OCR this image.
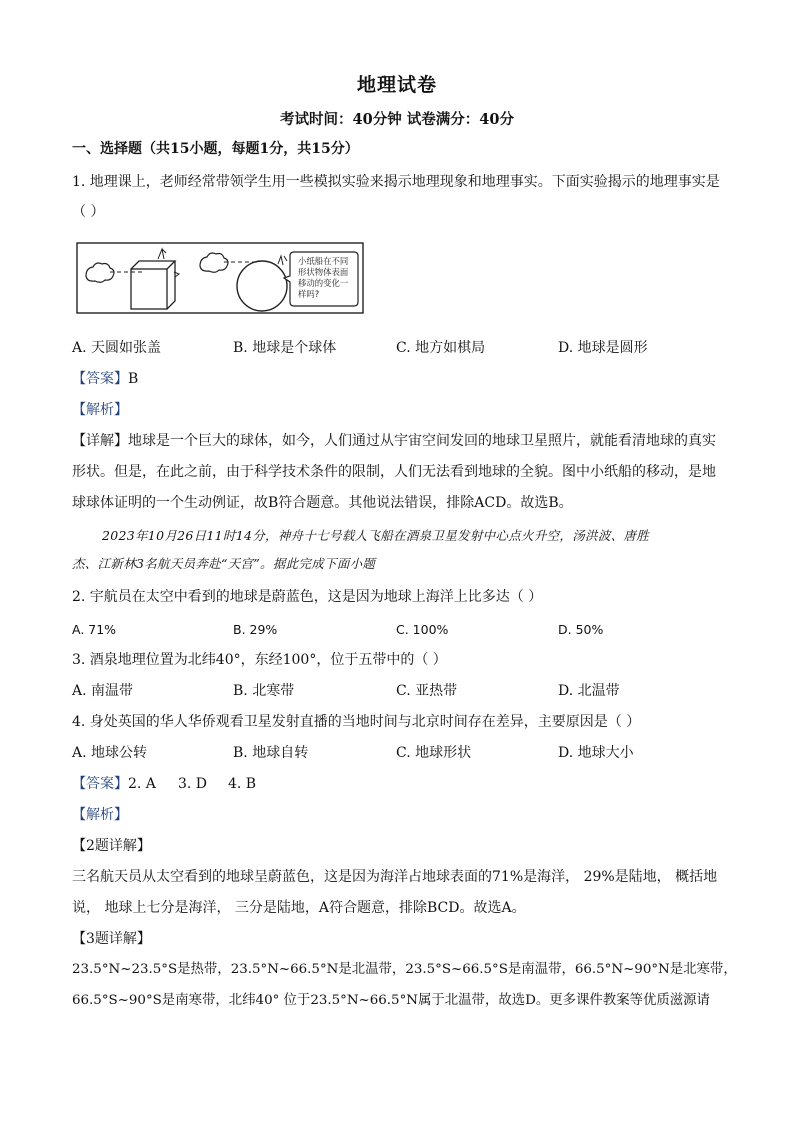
地理试卷
考试时间：40分钟 试卷满分：40分
一、选择题（共15小题，每题1分，共15分）
1. 地理课上，老师经常带领学生用一些模拟实验来揭示地理现象和地理事实。下面实验揭示的地理事实是
（ ）
小纸船在不同
形状物体表面
移动的变化一
样吗?
A. 天圆如张盖	B. 地球是个球体	C. 地方如棋局	D. 地球是圆形
【答案】B
【解析】
【详解】地球是一个巨大的球体，如今，人们通过从宇宙空间发回的地球卫星照片，就能看清地球的真实
形状。但是，在此之前，由于科学技术条件的限制，人们无法看到地球的全貌。图中小纸船的移动，是地
球球体证明的一个生动例证，故B符合题意。其他说法错误，排除ACD。故选B。
2023年10月26日11时14分，神舟十七号载人飞船在酒泉卫星发射中心点火升空，汤洪波、唐胜
杰、江新林3名航天员奔赴“天宫”。据此完成下面小题
2. 宇航员在太空中看到的地球是蔚蓝色，这是因为地球上海洋上比多达（ ）
A. 71%	B. 29%	C. 100%	D. 50%
3. 酒泉地理位置为北纬40°，东经100°，位于五带中的（ ）
A. 南温带	B. 北寒带	C. 亚热带	D. 北温带
4. 身处英国的华人华侨观看卫星发射直播的当地时间与北京时间存在差异，主要原因是（ ）
A. 地球公转	B. 地球自转	C. 地球形状	D. 地球大小
【答案】2. A 3. D 4. B
【解析】
【2题详解】
三名航天员从太空看到的地球呈蔚蓝色，这是因为海洋占地球表面的71%是海洋， 29%是陆地， 概括地
说， 地球上七分是海洋， 三分是陆地，A符合题意，排除BCD。故选A。
【3题详解】
23.5°N~23.5°S是热带，23.5°N~66.5°N是北温带，23.5°S~66.5°S是南温带，66.5°N~90°N是北寒带，
66.5°S~90°S是南寒带，北纬40° 位于23.5°N~66.5°N属于北温带，故选D。更多课件教案等优质滋源请
